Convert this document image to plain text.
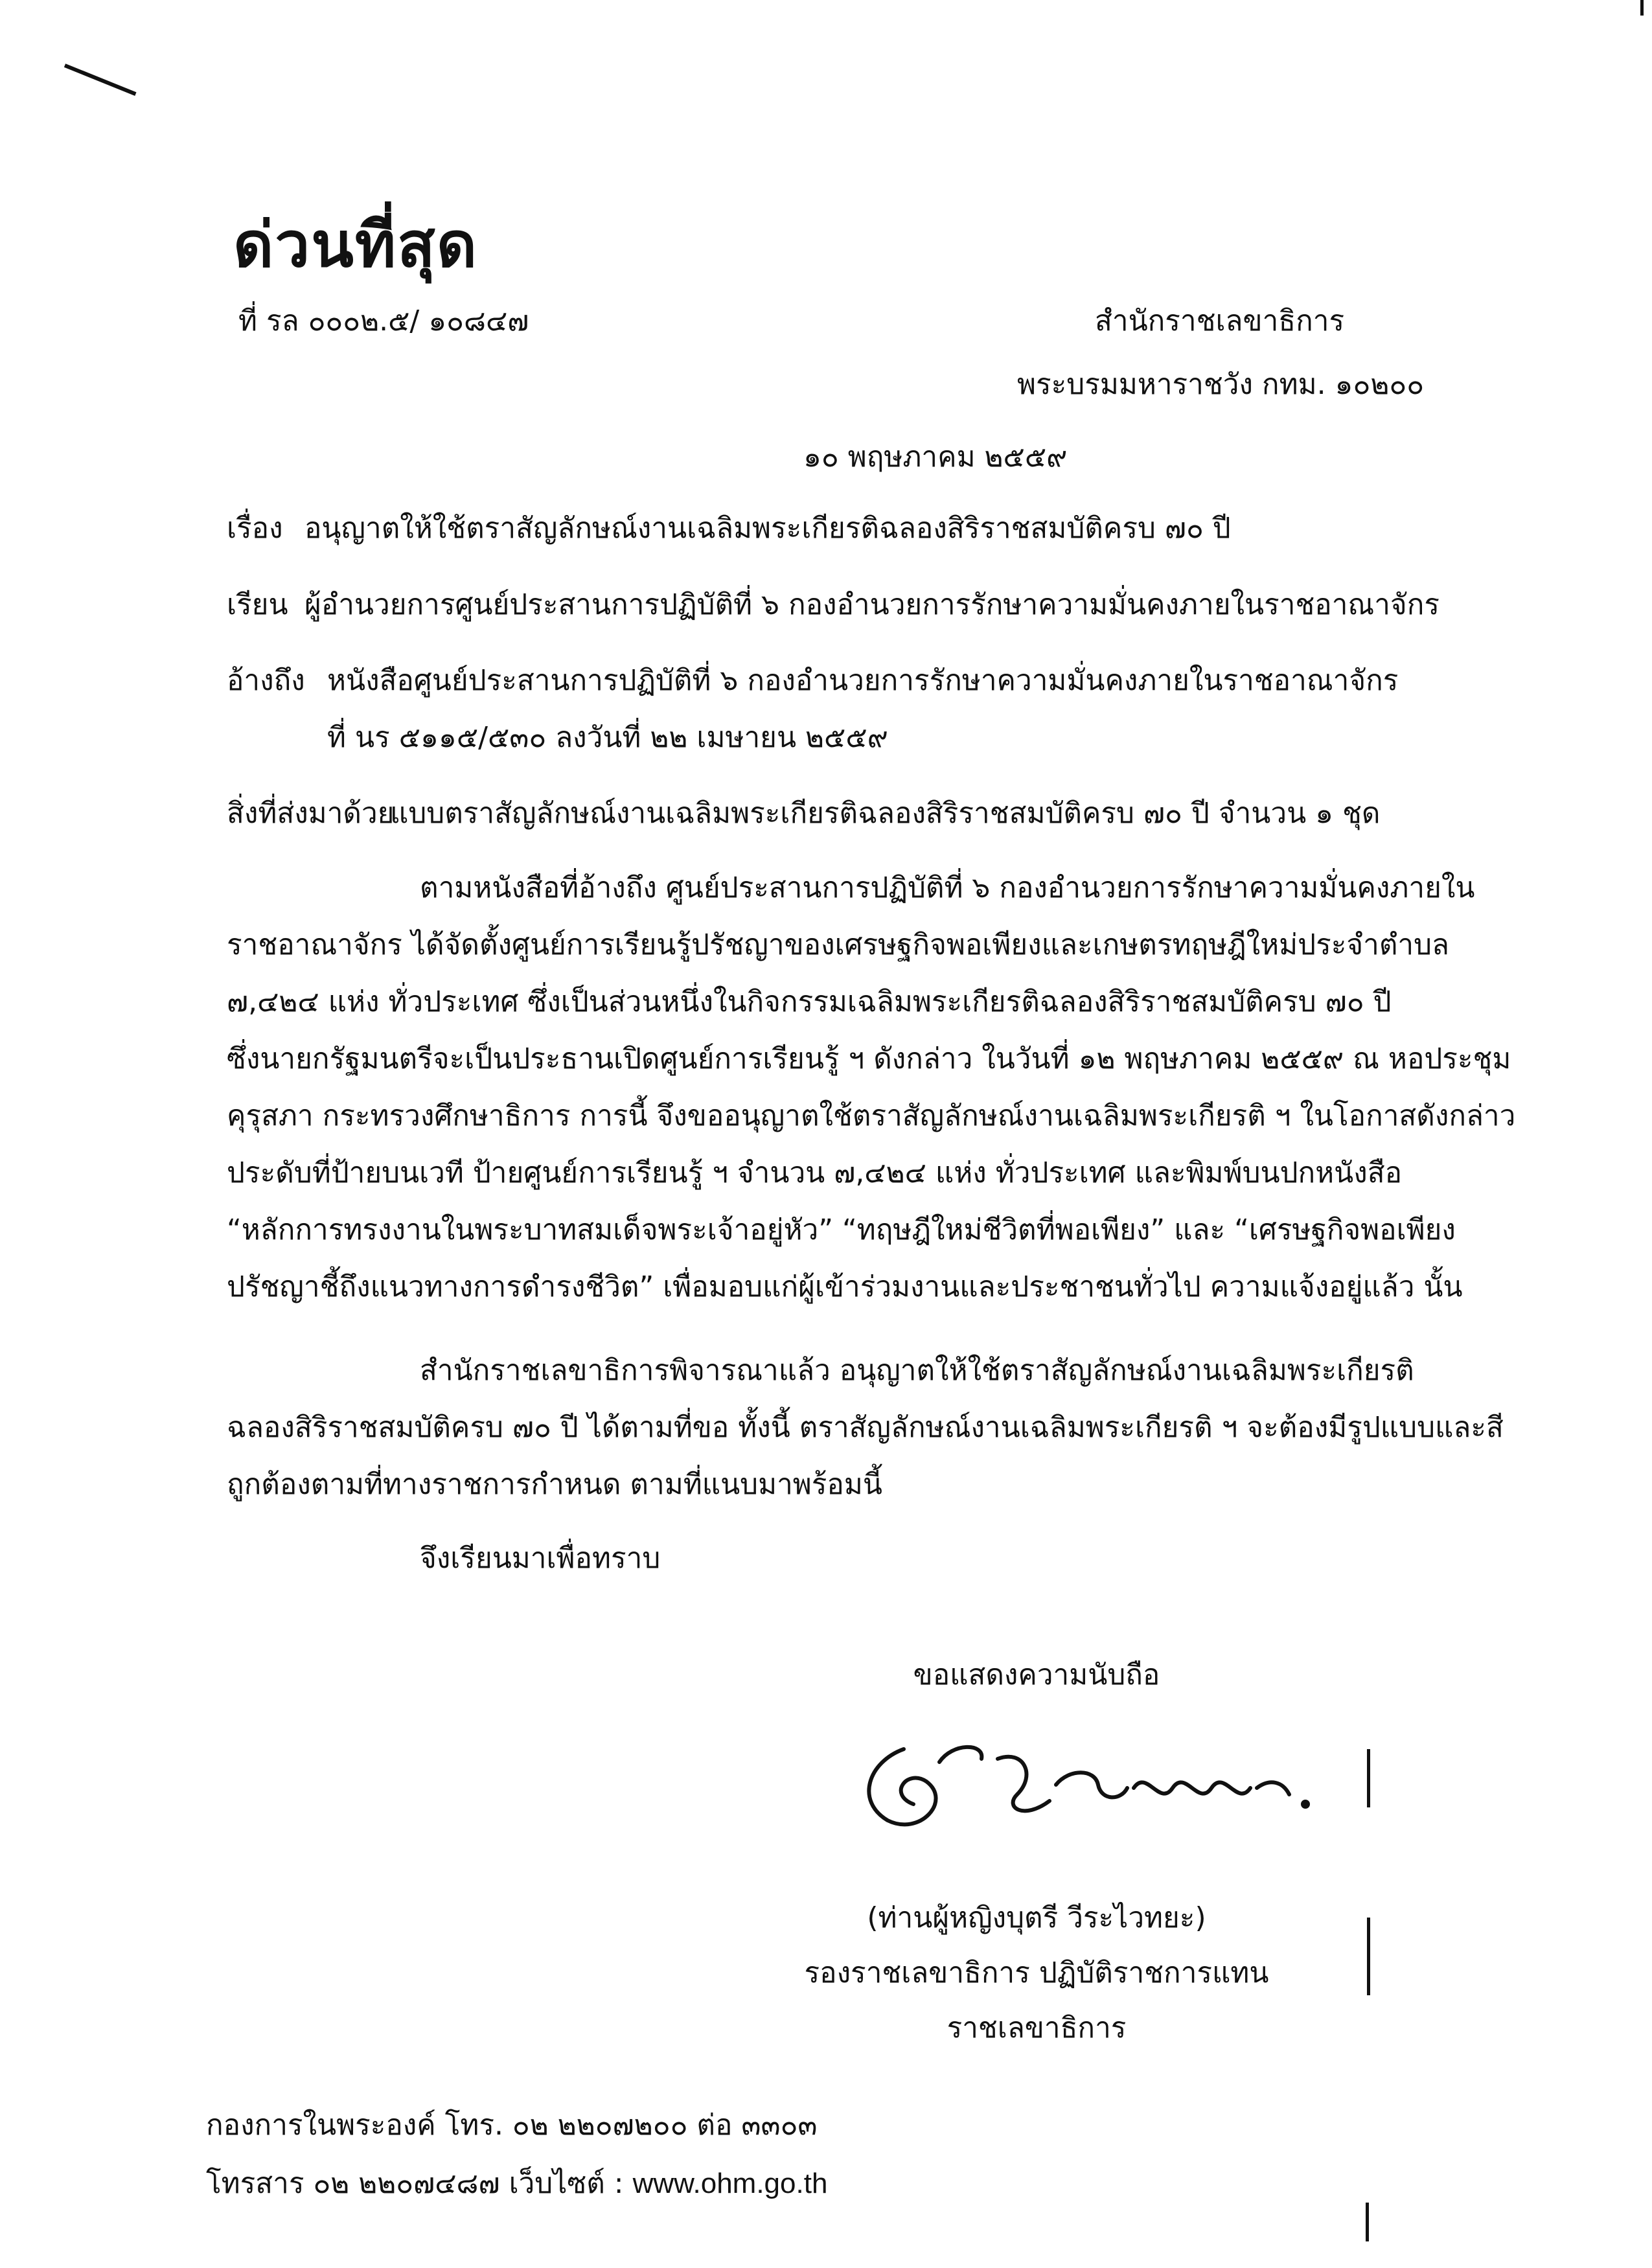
ด่วนที่สุด
ที่ รล ๐๐๐๒.๕/ ๑๐๘๔๗	สำนักราชเลขาธิการ
พระบรมมหาราชวัง กทม. ๑๐๒๐๐
๑๐ พฤษภาคม ๒๕๕๙
เรื่อง อนุญาตให้ใช้ตราสัญลักษณ์งานเฉลิมพระเกียรติฉลองสิริราชสมบัติครบ ๗๐ ปี
เรียน ผู้อำนวยการศูนย์ประสานการปฏิบัติที่ ๖ กองอำนวยการรักษาความมั่นคงภายในราชอาณาจักร
อ้างถึง หนังสือศูนย์ประสานการปฏิบัติที่ ๖ กองอำนวยการรักษาความมั่นคงภายในราชอาณาจักร
ที่ นร ๕๑๑๕/๕๓๐ ลงวันที่ ๒๒ เมษายน ๒๕๕๙
สิ่งที่ส่งมาด้วย
แบบตราสัญลักษณ์งานเฉลิมพระเกียรติฉลองสิริราชสมบัติครบ ๗๐ ปี จำนวน ๑ ชุด
ตามหนังสือที่อ้างถึง ศูนย์ประสานการปฏิบัติที่ ๖ กองอำนวยการรักษาความมั่นคงภายใน
ราชอาณาจักร ได้จัดตั้งศูนย์การเรียนรู้ปรัชญาของเศรษฐกิจพอเพียงและเกษตรทฤษฎีใหม่ประจำตำบล
๗,๔๒๔ แห่ง ทั่วประเทศ ซึ่งเป็นส่วนหนึ่งในกิจกรรมเฉลิมพระเกียรติฉลองสิริราชสมบัติครบ ๗๐ ปี
ซึ่งนายกรัฐมนตรีจะเป็นประธานเปิดศูนย์การเรียนรู้ ฯ ดังกล่าว ในวันที่ ๑๒ พฤษภาคม ๒๕๕๙ ณ หอประชุม
คุรุสภา กระทรวงศึกษาธิการ การนี้ จึงขออนุญาตใช้ตราสัญลักษณ์งานเฉลิมพระเกียรติ ฯ ในโอกาสดังกล่าว
ประดับที่ป้ายบนเวที ป้ายศูนย์การเรียนรู้ ฯ จำนวน ๗,๔๒๔ แห่ง ทั่วประเทศ และพิมพ์บนปกหนังสือ
“หลักการทรงงานในพระบาทสมเด็จพระเจ้าอยู่หัว” “ทฤษฎีใหม่ชีวิตที่พอเพียง” และ “เศรษฐกิจพอเพียง
ปรัชญาชี้ถึงแนวทางการดำรงชีวิต” เพื่อมอบแก่ผู้เข้าร่วมงานและประชาชนทั่วไป ความแจ้งอยู่แล้ว นั้น
สำนักราชเลขาธิการพิจารณาแล้ว อนุญาตให้ใช้ตราสัญลักษณ์งานเฉลิมพระเกียรติ
ฉลองสิริราชสมบัติครบ ๗๐ ปี ได้ตามที่ขอ ทั้งนี้ ตราสัญลักษณ์งานเฉลิมพระเกียรติ ฯ จะต้องมีรูปแบบและสี
ถูกต้องตามที่ทางราชการกำหนด ตามที่แนบมาพร้อมนี้
จึงเรียนมาเพื่อทราบ
ขอแสดงความนับถือ
(ท่านผู้หญิงบุตรี วีระไวทยะ)
รองราชเลขาธิการ ปฏิบัติราชการแทน
ราชเลขาธิการ
กองการในพระองค์ โทร. ๐๒ ๒๒๐๗๒๐๐ ต่อ ๓๓๐๓
โทรสาร ๐๒ ๒๒๐๗๔๘๗ เว็บไซต์ : www.ohm.go.th
